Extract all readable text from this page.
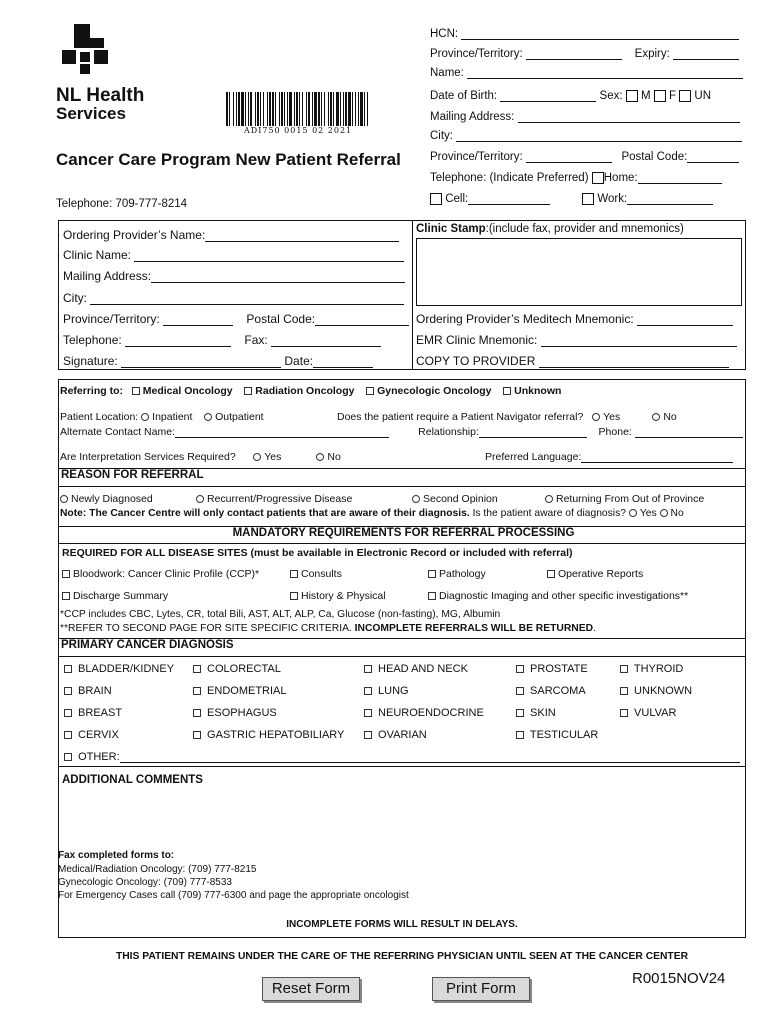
NL Health
Services
ADI750 0015 02 2021
Cancer Care Program New Patient Referral
Telephone: 709-777-8214
HCN:
Province/Territory:	Expiry:
Name:
Date of Birth:	Sex: M F UN
Mailing Address:
City:
Province/Territory:	Postal Code:
Telephone: (Indicate Preferred) Home:
Cell:	Work:
Ordering Provider’s Name:
Clinic Name:
Mailing Address:
City:
Province/Territory:	Postal Code:
Telephone:	Fax:
Signature:	Date:
Clinic Stamp:(include fax, provider and mnemonics)
Ordering Provider’s Meditech Mnemonic:
EMR Clinic Mnemonic:
COPY TO PROVIDER
Referring to: Medical Oncology Radiation Oncology Gynecologic Oncology Unknown
Patient Location: Inpatient Outpatient	Does the patient require a Patient Navigator referral? Yes	No
Alternate Contact Name:	Relationship:	Phone:
Are Interpretation Services Required?	Yes	No	Preferred Language:
REASON FOR REFERRAL
Newly Diagnosed	Recurrent/Progressive Disease	Second Opinion	Returning From Out of Province
Note: The Cancer Centre will only contact patients that are aware of their diagnosis. Is the patient aware of diagnosis? Yes No
MANDATORY REQUIREMENTS FOR REFERRAL PROCESSING
REQUIRED FOR ALL DISEASE SITES (must be available in Electronic Record or included with referral)
Bloodwork: Cancer Clinic Profile (CCP)*	Consults	Pathology	Operative Reports
Discharge Summary	History & Physical	Diagnostic Imaging and other specific investigations**
*CCP includes CBC, Lytes, CR, total Bili, AST, ALT, ALP, Ca, Glucose (non-fasting), MG, Albumin
**REFER TO SECOND PAGE FOR SITE SPECIFIC CRITERIA. INCOMPLETE REFERRALS WILL BE RETURNED.
PRIMARY CANCER DIAGNOSIS
BLADDER/KIDNEY	COLORECTAL	HEAD AND NECK	PROSTATE	THYROID
BRAIN	ENDOMETRIAL	LUNG	SARCOMA	UNKNOWN
BREAST	ESOPHAGUS	NEUROENDOCRINE	SKIN	VULVAR
CERVIX	GASTRIC HEPATOBILIARY	OVARIAN	TESTICULAR
OTHER:
ADDITIONAL COMMENTS
Fax completed forms to:
Medical/Radiation Oncology: (709) 777-8215
Gynecologic Oncology: (709) 777-8533
For Emergency Cases call (709) 777-6300 and page the appropriate oncologist
INCOMPLETE FORMS WILL RESULT IN DELAYS.
THIS PATIENT REMAINS UNDER THE CARE OF THE REFERRING PHYSICIAN UNTIL SEEN AT THE CANCER CENTER
Reset Form	Print Form
R0015NOV24
